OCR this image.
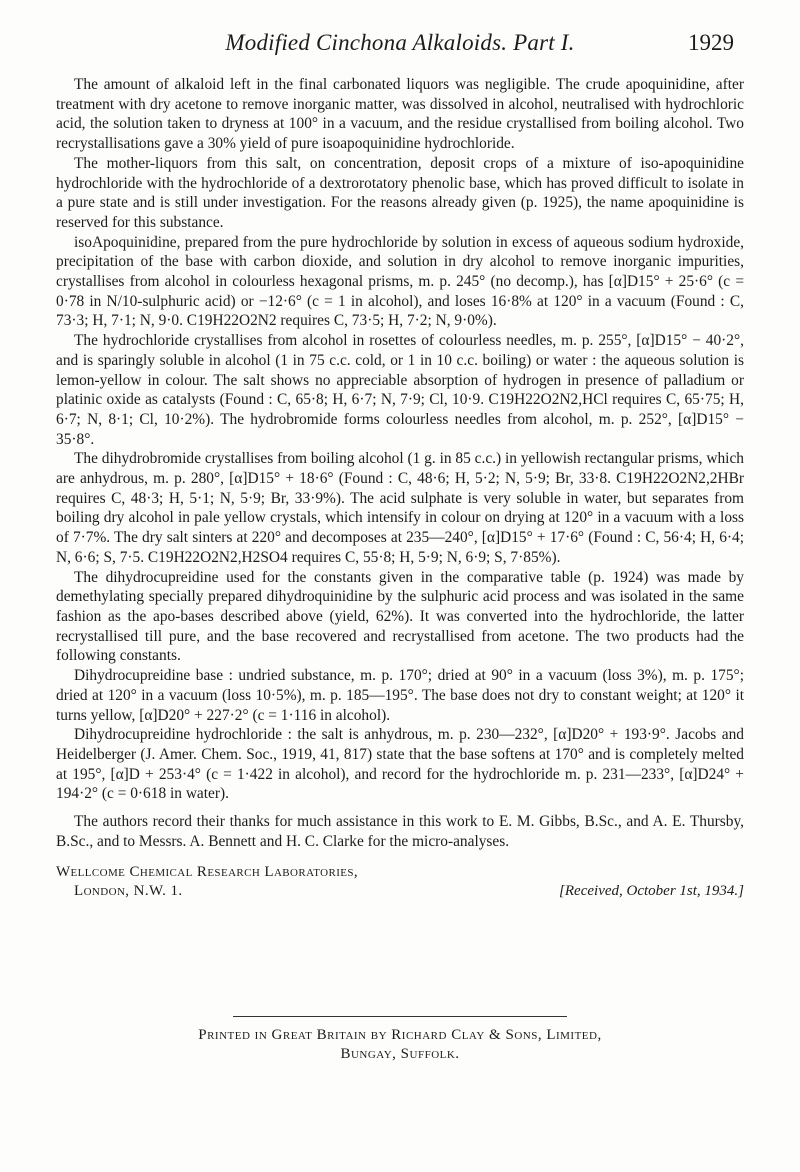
Modified Cinchona Alkaloids. Part I.	1929

The amount of alkaloid left in the final carbonated liquors was negligible. The crude apoquinidine, after treatment with dry acetone to remove inorganic matter, was dissolved in alcohol, neutralised with hydrochloric acid, the solution taken to dryness at 100° in a vacuum, and the residue crystallised from boiling alcohol. Two recrystallisations gave a 30% yield of pure isoapoquinidine hydrochloride.

The mother-liquors from this salt, on concentration, deposit crops of a mixture of iso-apoquinidine hydrochloride with the hydrochloride of a dextrorotatory phenolic base, which has proved difficult to isolate in a pure state and is still under investigation. For the reasons already given (p. 1925), the name apoquinidine is reserved for this substance.

isoApoquinidine, prepared from the pure hydrochloride by solution in excess of aqueous sodium hydroxide, precipitation of the base with carbon dioxide, and solution in dry alcohol to remove inorganic impurities, crystallises from alcohol in colourless hexagonal prisms, m. p. 245° (no decomp.), has [α]D15° + 25·6° (c = 0·78 in N/10-sulphuric acid) or −12·6° (c = 1 in alcohol), and loses 16·8% at 120° in a vacuum (Found : C, 73·3; H, 7·1; N, 9·0. C19H22O2N2 requires C, 73·5; H, 7·2; N, 9·0%).

The hydrochloride crystallises from alcohol in rosettes of colourless needles, m. p. 255°, [α]D15° − 40·2°, and is sparingly soluble in alcohol (1 in 75 c.c. cold, or 1 in 10 c.c. boiling) or water : the aqueous solution is lemon-yellow in colour. The salt shows no appreciable absorption of hydrogen in presence of palladium or platinic oxide as catalysts (Found : C, 65·8; H, 6·7; N, 7·9; Cl, 10·9. C19H22O2N2,HCl requires C, 65·75; H, 6·7; N, 8·1; Cl, 10·2%). The hydrobromide forms colourless needles from alcohol, m. p. 252°, [α]D15° − 35·8°.

The dihydrobromide crystallises from boiling alcohol (1 g. in 85 c.c.) in yellowish rectangular prisms, which are anhydrous, m. p. 280°, [α]D15° + 18·6° (Found : C, 48·6; H, 5·2; N, 5·9; Br, 33·8. C19H22O2N2,2HBr requires C, 48·3; H, 5·1; N, 5·9; Br, 33·9%). The acid sulphate is very soluble in water, but separates from boiling dry alcohol in pale yellow crystals, which intensify in colour on drying at 120° in a vacuum with a loss of 7·7%. The dry salt sinters at 220° and decomposes at 235—240°, [α]D15° + 17·6° (Found : C, 56·4; H, 6·4; N, 6·6; S, 7·5. C19H22O2N2,H2SO4 requires C, 55·8; H, 5·9; N, 6·9; S, 7·85%).

The dihydrocupreidine used for the constants given in the comparative table (p. 1924) was made by demethylating specially prepared dihydroquinidine by the sulphuric acid process and was isolated in the same fashion as the apo-bases described above (yield, 62%). It was converted into the hydrochloride, the latter recrystallised till pure, and the base recovered and recrystallised from acetone. The two products had the following constants.

Dihydrocupreidine base : undried substance, m. p. 170°; dried at 90° in a vacuum (loss 3%), m. p. 175°; dried at 120° in a vacuum (loss 10·5%), m. p. 185—195°. The base does not dry to constant weight; at 120° it turns yellow, [α]D20° + 227·2° (c = 1·116 in alcohol).

Dihydrocupreidine hydrochloride : the salt is anhydrous, m. p. 230—232°, [α]D20° + 193·9°. Jacobs and Heidelberger (J. Amer. Chem. Soc., 1919, 41, 817) state that the base softens at 170° and is completely melted at 195°, [α]D + 253·4° (c = 1·422 in alcohol), and record for the hydrochloride m. p. 231—233°, [α]D24° + 194·2° (c = 0·618 in water).

The authors record their thanks for much assistance in this work to E. M. Gibbs, B.Sc., and A. E. Thursby, B.Sc., and to Messrs. A. Bennett and H. C. Clarke for the micro-analyses.

Wellcome Chemical Research Laboratories,
London, N.W. 1.	[Received, October 1st, 1934.]
Printed in Great Britain by Richard Clay & Sons, Limited,
Bungay, Suffolk.
